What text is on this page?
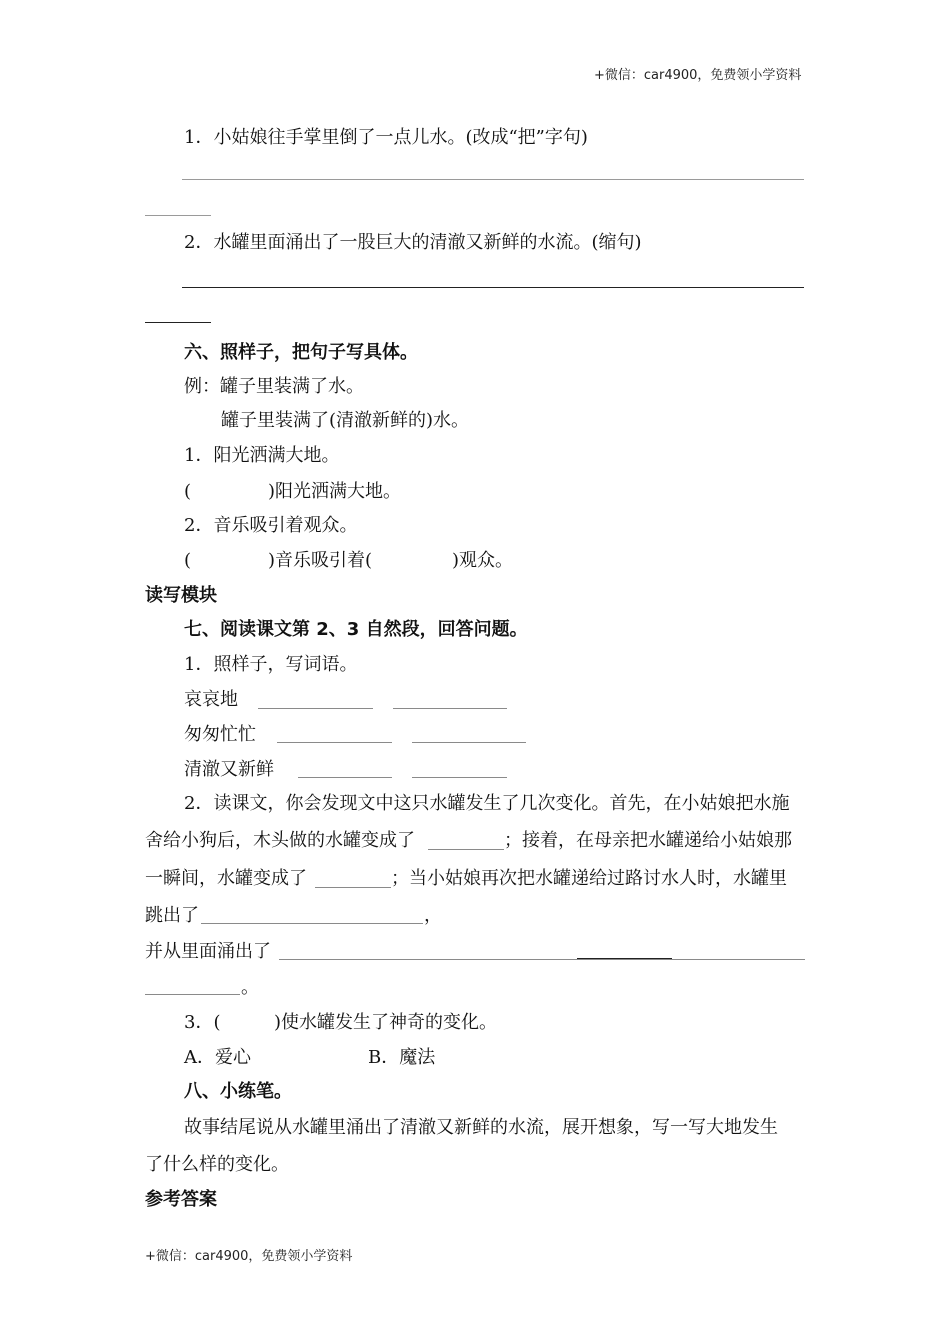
+微信：car4900，免费领小学资料
1．小姑娘往手掌里倒了一点儿水。(改成“把”字句)
2．水罐里面涌出了一股巨大的清澈又新鲜的水流。(缩句)
六、照样子，把句子写具体。
例：罐子里装满了水。
罐子里装满了(清澈新鲜的)水。
1．阳光洒满大地。
(	)阳光洒满大地。
2．音乐吸引着观众。
(	)音乐吸引着(	)观众。
读写模块
七、阅读课文第 2、3 自然段，回答问题。
1．照样子，写词语。
哀哀地
匆匆忙忙
清澈又新鲜
2．读课文，你会发现文中这只水罐发生了几次变化。首先，在小姑娘把水施
舍给小狗后，木头做的水罐变成了	；接着，在母亲把水罐递给小姑娘那
一瞬间，水罐变成了	；当小姑娘再次把水罐递给过路讨水人时，水罐里
跳出了	，
并从里面涌出了
。
3．(	)使水罐发生了神奇的变化。
A．爱心	B．魔法
八、小练笔。
故事结尾说从水罐里涌出了清澈又新鲜的水流，展开想象，写一写大地发生
了什么样的变化。
参考答案
+微信：car4900，免费领小学资料
